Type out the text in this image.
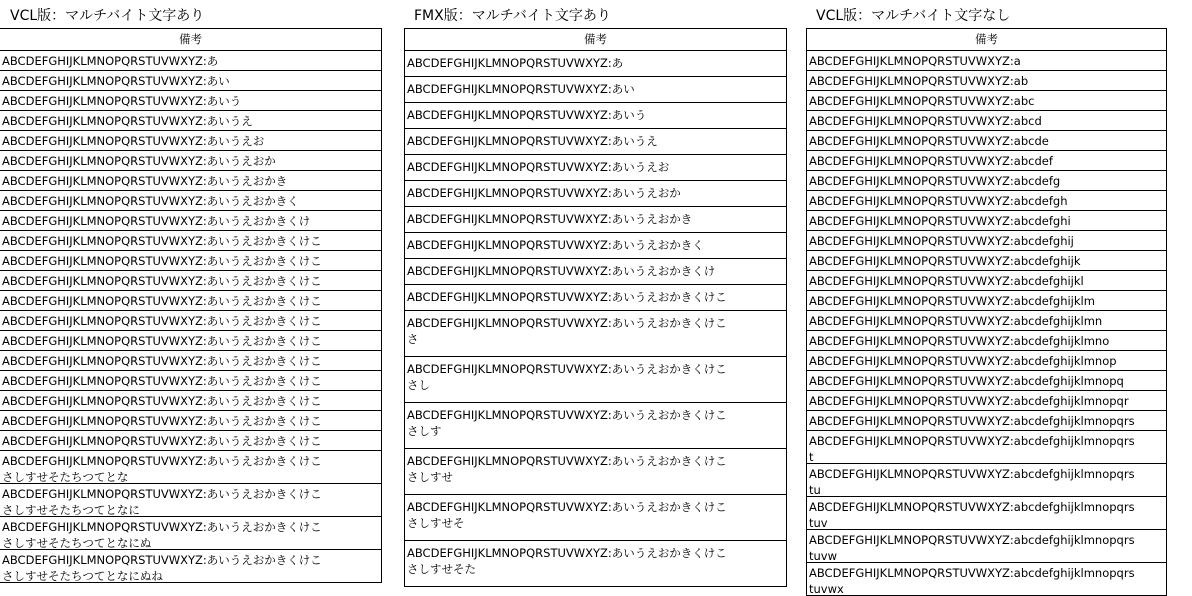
VCL版：マルチバイト文字あり
備考
ABCDEFGHIJKLMNOPQRSTUVWXYZ:あ
ABCDEFGHIJKLMNOPQRSTUVWXYZ:あい
ABCDEFGHIJKLMNOPQRSTUVWXYZ:あいう
ABCDEFGHIJKLMNOPQRSTUVWXYZ:あいうえ
ABCDEFGHIJKLMNOPQRSTUVWXYZ:あいうえお
ABCDEFGHIJKLMNOPQRSTUVWXYZ:あいうえおか
ABCDEFGHIJKLMNOPQRSTUVWXYZ:あいうえおかき
ABCDEFGHIJKLMNOPQRSTUVWXYZ:あいうえおかきく
ABCDEFGHIJKLMNOPQRSTUVWXYZ:あいうえおかきくけ
ABCDEFGHIJKLMNOPQRSTUVWXYZ:あいうえおかきくけこ
ABCDEFGHIJKLMNOPQRSTUVWXYZ:あいうえおかきくけこ
ABCDEFGHIJKLMNOPQRSTUVWXYZ:あいうえおかきくけこ
ABCDEFGHIJKLMNOPQRSTUVWXYZ:あいうえおかきくけこ
ABCDEFGHIJKLMNOPQRSTUVWXYZ:あいうえおかきくけこ
ABCDEFGHIJKLMNOPQRSTUVWXYZ:あいうえおかきくけこ
ABCDEFGHIJKLMNOPQRSTUVWXYZ:あいうえおかきくけこ
ABCDEFGHIJKLMNOPQRSTUVWXYZ:あいうえおかきくけこ
ABCDEFGHIJKLMNOPQRSTUVWXYZ:あいうえおかきくけこ
ABCDEFGHIJKLMNOPQRSTUVWXYZ:あいうえおかきくけこ
ABCDEFGHIJKLMNOPQRSTUVWXYZ:あいうえおかきくけこ
ABCDEFGHIJKLMNOPQRSTUVWXYZ:あいうえおかきくけこ
さしすせそたちつてとな
ABCDEFGHIJKLMNOPQRSTUVWXYZ:あいうえおかきくけこ
さしすせそたちつてとなに
ABCDEFGHIJKLMNOPQRSTUVWXYZ:あいうえおかきくけこ
さしすせそたちつてとなにぬ
ABCDEFGHIJKLMNOPQRSTUVWXYZ:あいうえおかきくけこ
さしすせそたちつてとなにぬね
FMX版：マルチバイト文字あり
備考
ABCDEFGHIJKLMNOPQRSTUVWXYZ:あ
ABCDEFGHIJKLMNOPQRSTUVWXYZ:あい
ABCDEFGHIJKLMNOPQRSTUVWXYZ:あいう
ABCDEFGHIJKLMNOPQRSTUVWXYZ:あいうえ
ABCDEFGHIJKLMNOPQRSTUVWXYZ:あいうえお
ABCDEFGHIJKLMNOPQRSTUVWXYZ:あいうえおか
ABCDEFGHIJKLMNOPQRSTUVWXYZ:あいうえおかき
ABCDEFGHIJKLMNOPQRSTUVWXYZ:あいうえおかきく
ABCDEFGHIJKLMNOPQRSTUVWXYZ:あいうえおかきくけ
ABCDEFGHIJKLMNOPQRSTUVWXYZ:あいうえおかきくけこ
ABCDEFGHIJKLMNOPQRSTUVWXYZ:あいうえおかきくけこ
さ
ABCDEFGHIJKLMNOPQRSTUVWXYZ:あいうえおかきくけこ
さし
ABCDEFGHIJKLMNOPQRSTUVWXYZ:あいうえおかきくけこ
さしす
ABCDEFGHIJKLMNOPQRSTUVWXYZ:あいうえおかきくけこ
さしすせ
ABCDEFGHIJKLMNOPQRSTUVWXYZ:あいうえおかきくけこ
さしすせそ
ABCDEFGHIJKLMNOPQRSTUVWXYZ:あいうえおかきくけこ
さしすせそた
VCL版：マルチバイト文字なし
備考
ABCDEFGHIJKLMNOPQRSTUVWXYZ:a
ABCDEFGHIJKLMNOPQRSTUVWXYZ:ab
ABCDEFGHIJKLMNOPQRSTUVWXYZ:abc
ABCDEFGHIJKLMNOPQRSTUVWXYZ:abcd
ABCDEFGHIJKLMNOPQRSTUVWXYZ:abcde
ABCDEFGHIJKLMNOPQRSTUVWXYZ:abcdef
ABCDEFGHIJKLMNOPQRSTUVWXYZ:abcdefg
ABCDEFGHIJKLMNOPQRSTUVWXYZ:abcdefgh
ABCDEFGHIJKLMNOPQRSTUVWXYZ:abcdefghi
ABCDEFGHIJKLMNOPQRSTUVWXYZ:abcdefghij
ABCDEFGHIJKLMNOPQRSTUVWXYZ:abcdefghijk
ABCDEFGHIJKLMNOPQRSTUVWXYZ:abcdefghijkl
ABCDEFGHIJKLMNOPQRSTUVWXYZ:abcdefghijklm
ABCDEFGHIJKLMNOPQRSTUVWXYZ:abcdefghijklmn
ABCDEFGHIJKLMNOPQRSTUVWXYZ:abcdefghijklmno
ABCDEFGHIJKLMNOPQRSTUVWXYZ:abcdefghijklmnop
ABCDEFGHIJKLMNOPQRSTUVWXYZ:abcdefghijklmnopq
ABCDEFGHIJKLMNOPQRSTUVWXYZ:abcdefghijklmnopqr
ABCDEFGHIJKLMNOPQRSTUVWXYZ:abcdefghijklmnopqrs
ABCDEFGHIJKLMNOPQRSTUVWXYZ:abcdefghijklmnopqrs
t
ABCDEFGHIJKLMNOPQRSTUVWXYZ:abcdefghijklmnopqrs
tu
ABCDEFGHIJKLMNOPQRSTUVWXYZ:abcdefghijklmnopqrs
tuv
ABCDEFGHIJKLMNOPQRSTUVWXYZ:abcdefghijklmnopqrs
tuvw
ABCDEFGHIJKLMNOPQRSTUVWXYZ:abcdefghijklmnopqrs
tuvwx
